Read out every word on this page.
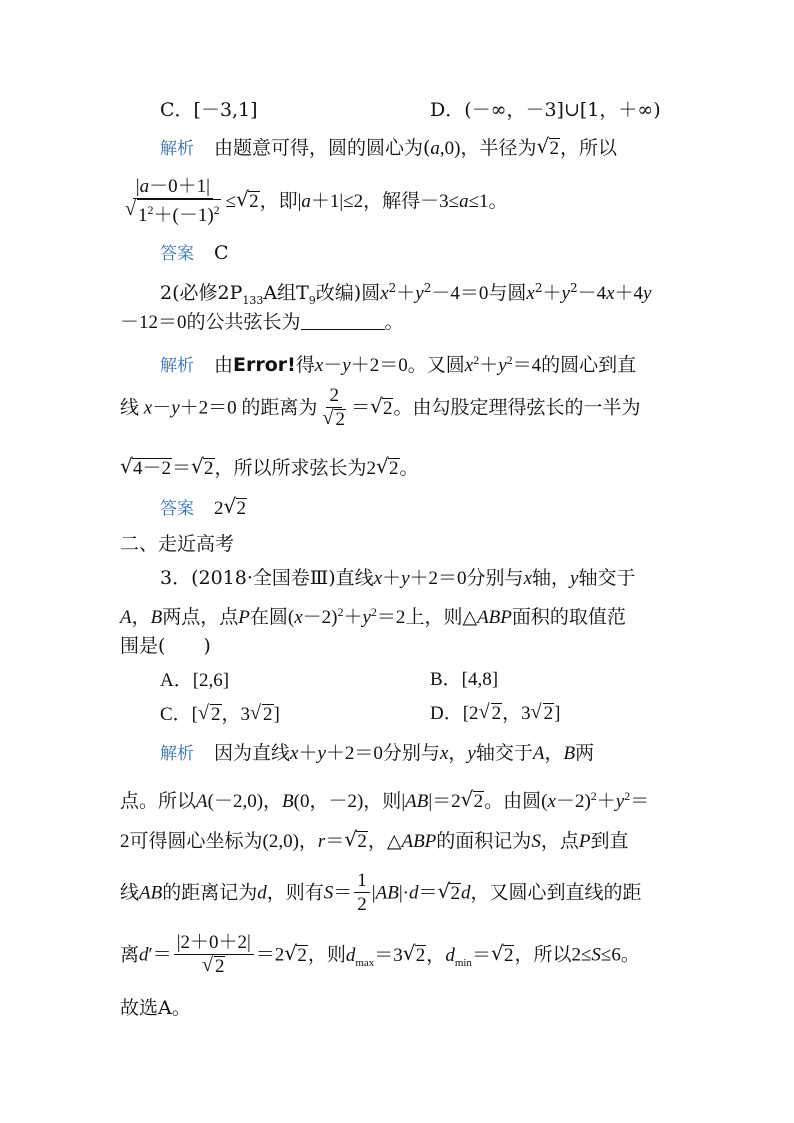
C．[－3,1]	D．(－∞，－3]∪[1，＋∞)
解析 由题意可得，圆的圆心为(a,0)，半径为√ 2，所以
|a－0＋1|
√ $1^2+(-1)^2$ ≤√ 2，即|a＋1|≤2，解得－3≤a≤1。
答案 C
2(必修$2P_{133}A$组$T_9$改编)圆$x^2+y^2-4=0$与圆$x^2+y^2-4x+4y$
－12＝0的公共弦长为	。
解析 由Error!得x－y＋2＝0。又圆$x^2+y^2=4$的圆心到直
线 x－y＋2＝0 的距离为 2
√ 2 ＝√ 2。由勾股定理得弦长的一半为
√ 4－2＝√ 2，所以所求弦长为2√ 2。
答案 2√ 2
二、走近高考
3．(2018·全国卷Ⅲ)直线x＋y＋2＝0分别与x轴，y轴交于
A，B两点，点P在圆$(x-2)^2+y^2=2$上，则△ABP面积的取值范
围是(　　)
A．[2,6]	B．[4,8]
C．[√ 2，3√ 2]	D．[2√ 2，3√ 2]
解析 因为直线x＋y＋2＝0分别与x，y轴交于A，B两
点。所以A(－2,0)，B(0，－2)，则|AB|＝2√ 2。由圆$(x-2)^2+y^2=$
2可得圆心坐标为(2,0)，r＝√ 2，△ABP的面积记为S，点P到直
线AB的距离记为d，则有$S= \frac{1}{2} |AB|\cdot d=√$ 2d，又圆心到直线的距
离d′＝ |2＋0＋2|
√ 2 ＝2√ 2，则$d_{max}=3√$ 2，$d_{min}=√$ 2，所以2≤S≤6。
故选A。
